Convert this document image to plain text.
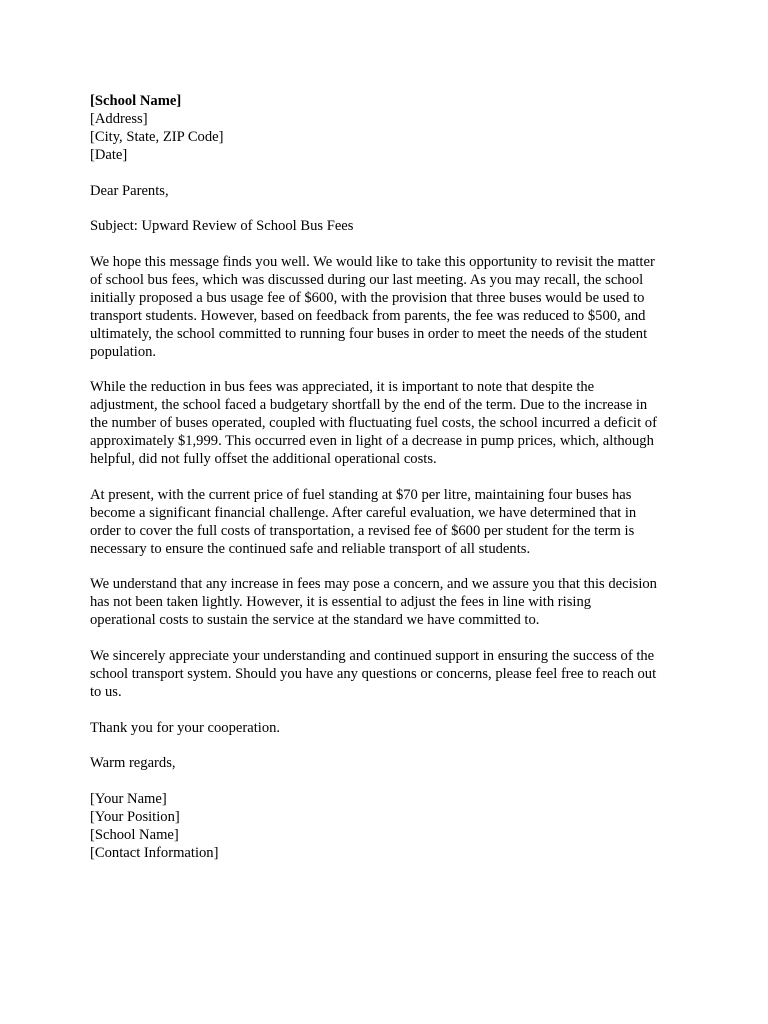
[School Name]
[Address]
[City, State, ZIP Code]
[Date]
Dear Parents,
Subject: Upward Review of School Bus Fees
We hope this message finds you well. We would like to take this opportunity to revisit the matter
of school bus fees, which was discussed during our last meeting. As you may recall, the school
initially proposed a bus usage fee of $600, with the provision that three buses would be used to
transport students. However, based on feedback from parents, the fee was reduced to $500, and
ultimately, the school committed to running four buses in order to meet the needs of the student
population.
While the reduction in bus fees was appreciated, it is important to note that despite the
adjustment, the school faced a budgetary shortfall by the end of the term. Due to the increase in
the number of buses operated, coupled with fluctuating fuel costs, the school incurred a deficit of
approximately $1,999. This occurred even in light of a decrease in pump prices, which, although
helpful, did not fully offset the additional operational costs.
At present, with the current price of fuel standing at $70 per litre, maintaining four buses has
become a significant financial challenge. After careful evaluation, we have determined that in
order to cover the full costs of transportation, a revised fee of $600 per student for the term is
necessary to ensure the continued safe and reliable transport of all students.
We understand that any increase in fees may pose a concern, and we assure you that this decision
has not been taken lightly. However, it is essential to adjust the fees in line with rising
operational costs to sustain the service at the standard we have committed to.
We sincerely appreciate your understanding and continued support in ensuring the success of the
school transport system. Should you have any questions or concerns, please feel free to reach out
to us.
Thank you for your cooperation.
Warm regards,
[Your Name]
[Your Position]
[School Name]
[Contact Information]
